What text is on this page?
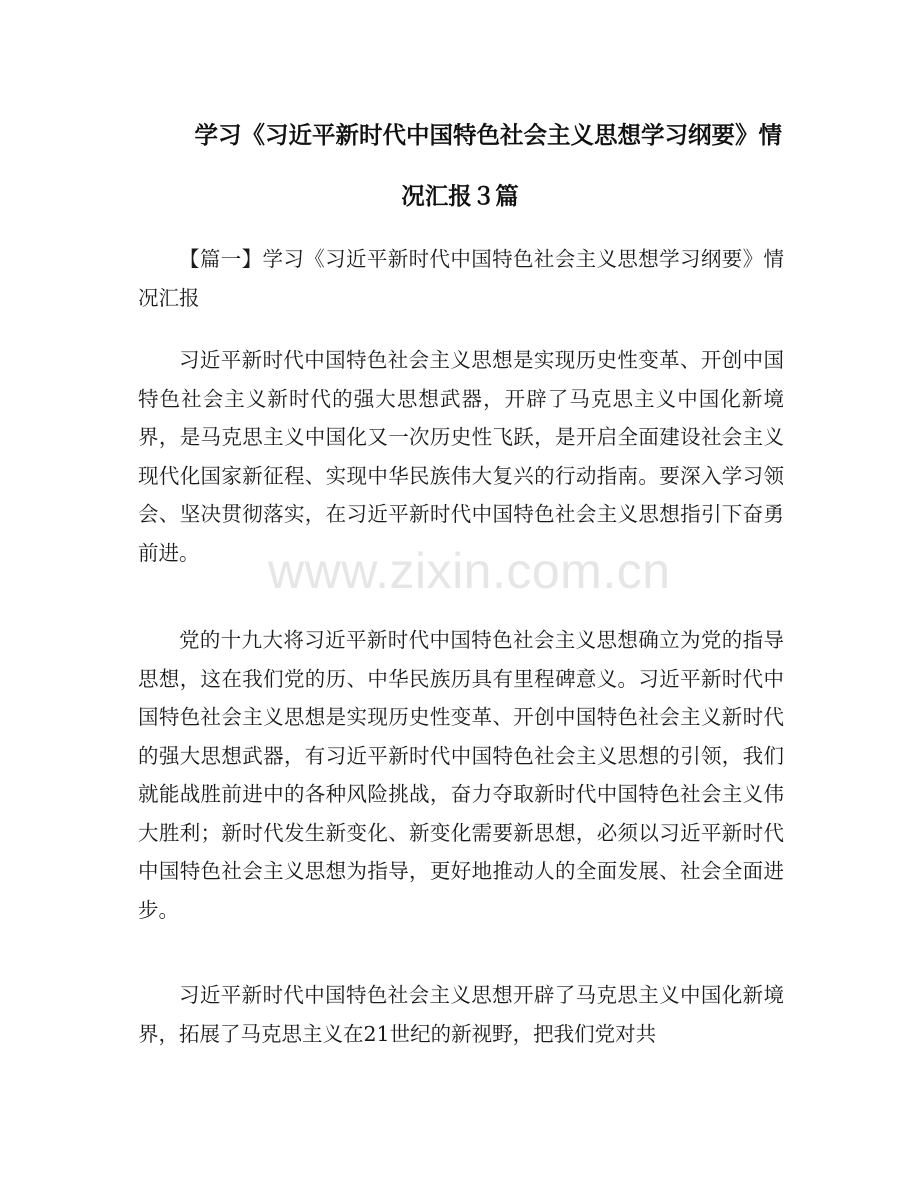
学习《习近平新时代中国特色社会主义思想学习纲要》情
况汇报３篇
【篇一】学习《习近平新时代中国特色社会主义思想学习纲要》情况汇报
习近平新时代中国特色社会主义思想是实现历史性变革、开创中国特色社会主义新时代的强大思想武器，开辟了马克思主义中国化新境界，是马克思主义中国化又一次历史性飞跃，是开启全面建设社会主义现代化国家新征程、实现中华民族伟大复兴的行动指南。要深入学习领会、坚决贯彻落实，在习近平新时代中国特色社会主义思想指引下奋勇前进。	www.zixin.com.cn
党的十九大将习近平新时代中国特色社会主义思想确立为党的指导思想，这在我们党的历、中华民族历具有里程碑意义。习近平新时代中国特色社会主义思想是实现历史性变革、开创中国特色社会主义新时代的强大思想武器，有习近平新时代中国特色社会主义思想的引领，我们就能战胜前进中的各种风险挑战，奋力夺取新时代中国特色社会主义伟大胜利；新时代发生新变化、新变化需要新思想，必须以习近平新时代中国特色社会主义思想为指导，更好地推动人的全面发展、社会全面进步。
习近平新时代中国特色社会主义思想开辟了马克思主义中国化新境界，拓展了马克思主义在21世纪的新视野，把我们党对共
